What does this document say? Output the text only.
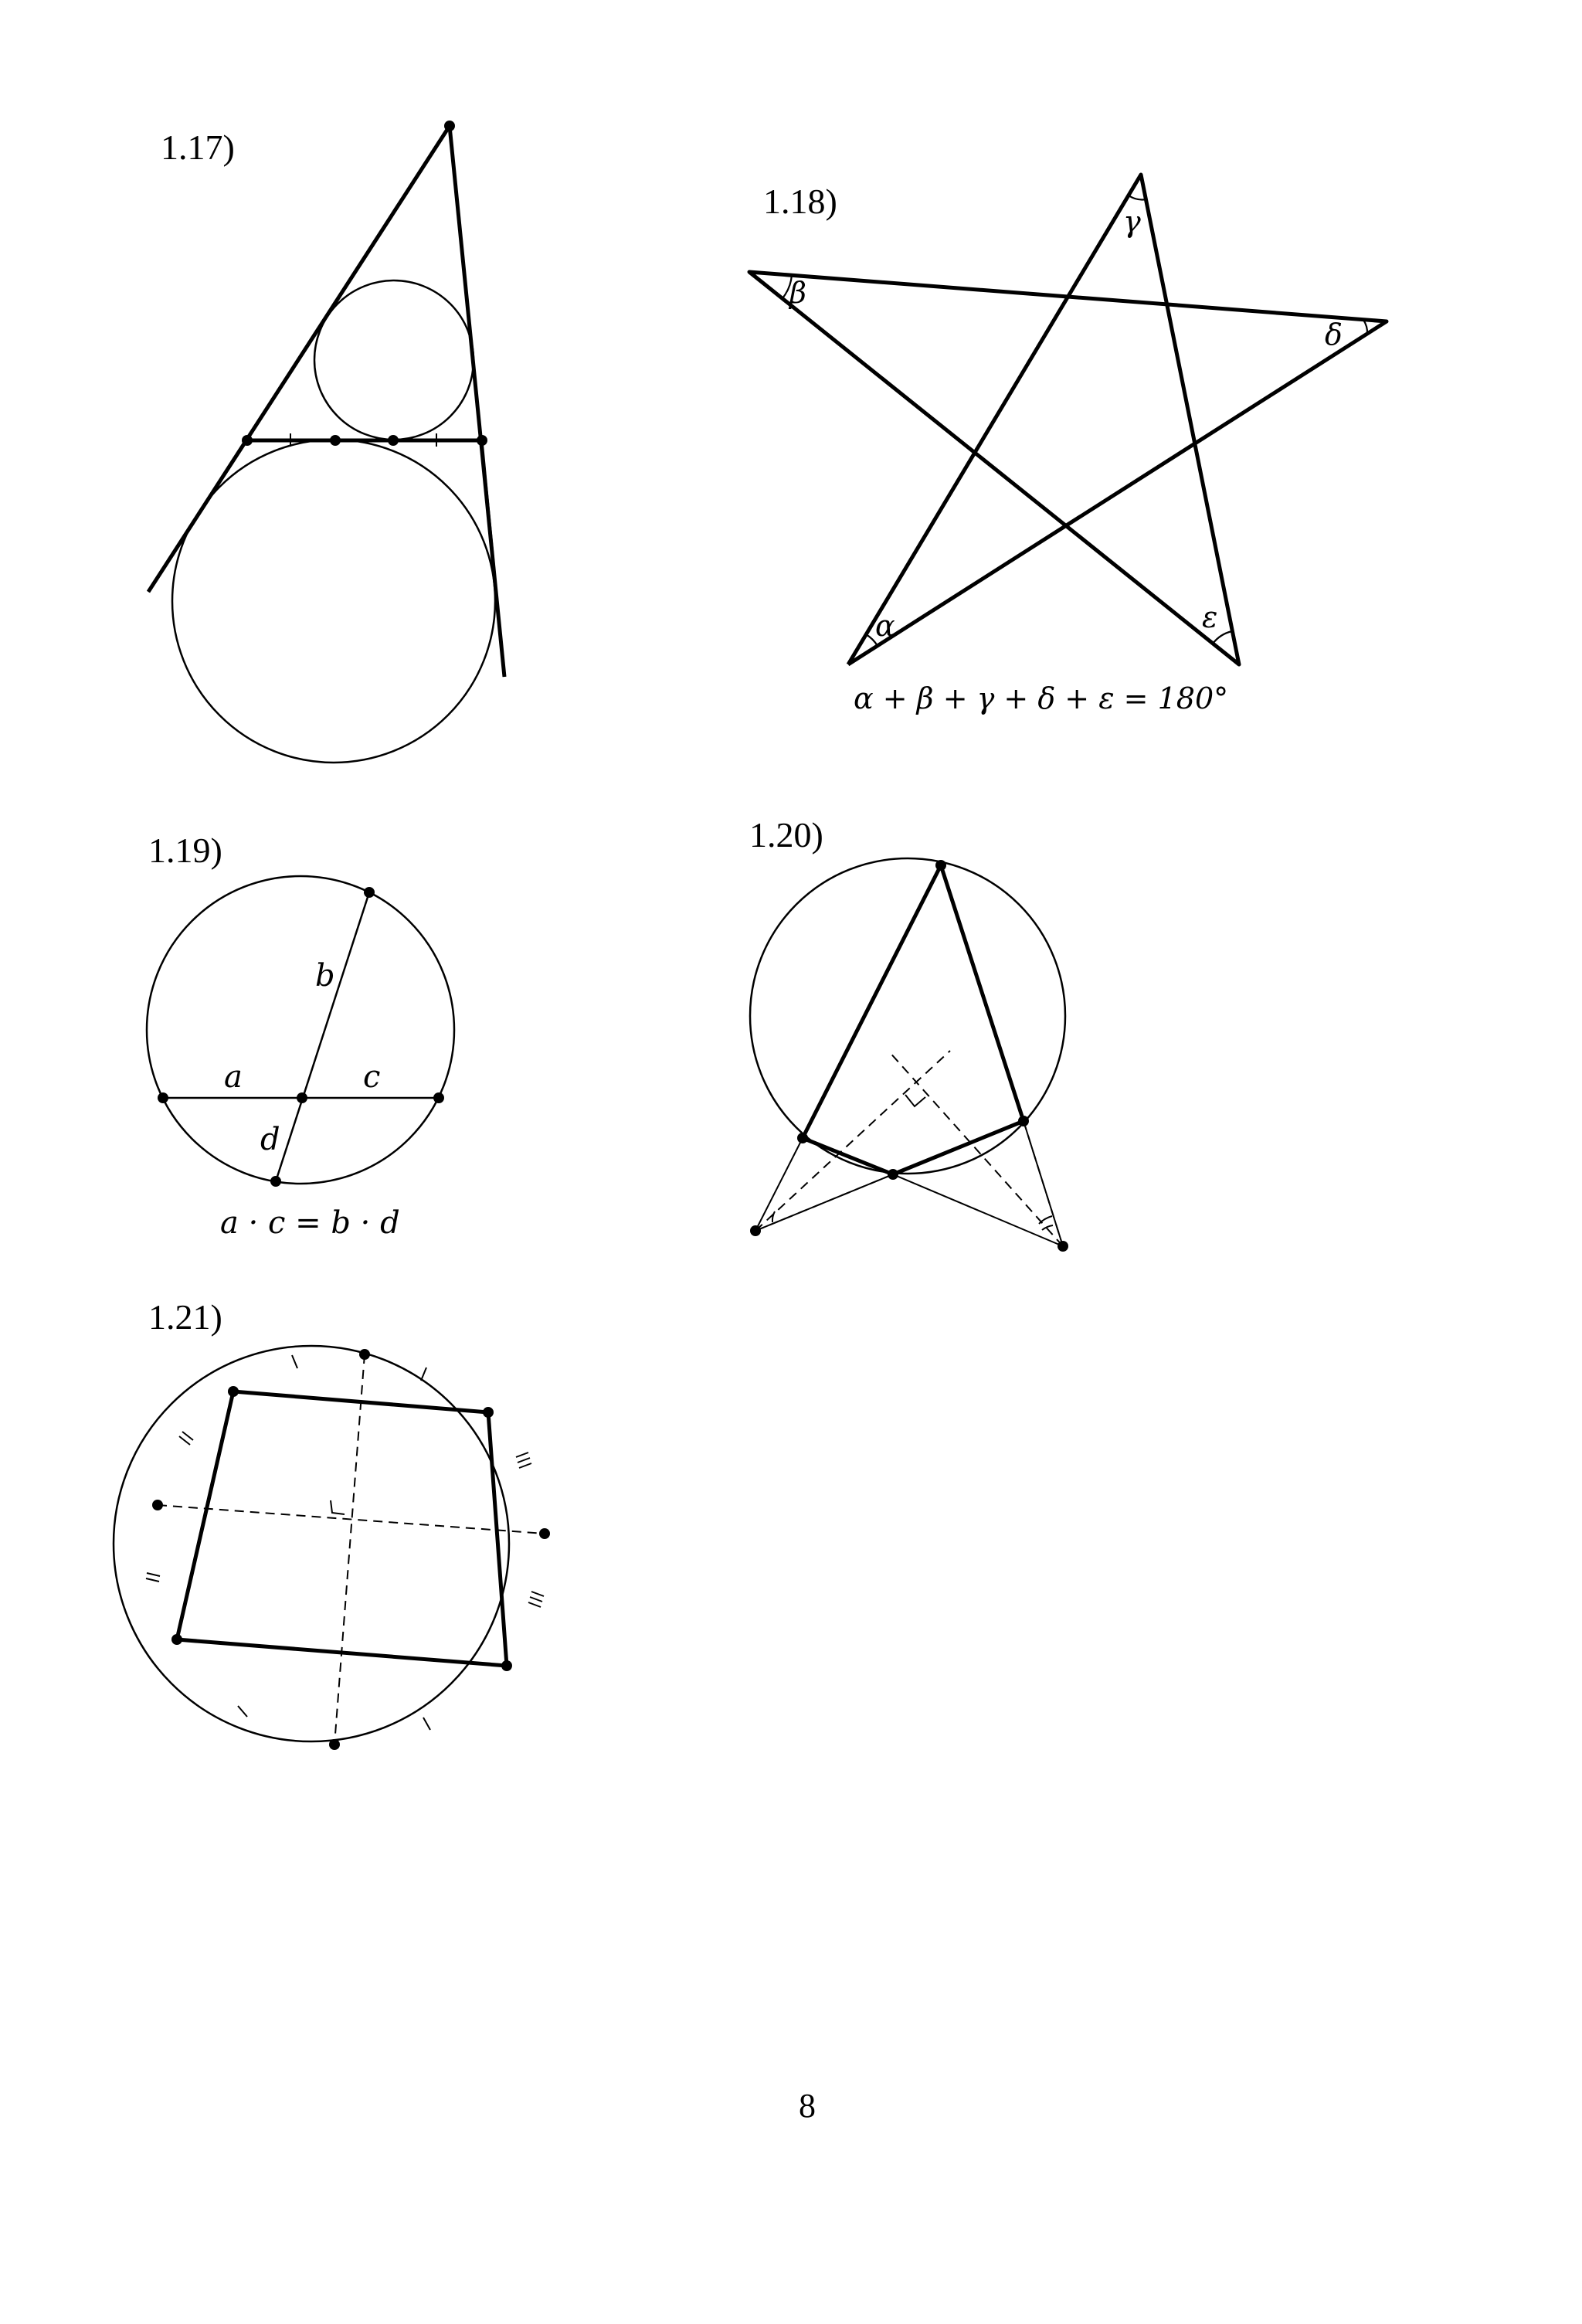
1.17)
1.18)
1.19)	1.20)
1.21)
β
γ
δ
α	ε
α + β + γ + δ + ε = 180°
b
a	c
d
a · c = b · d
8
